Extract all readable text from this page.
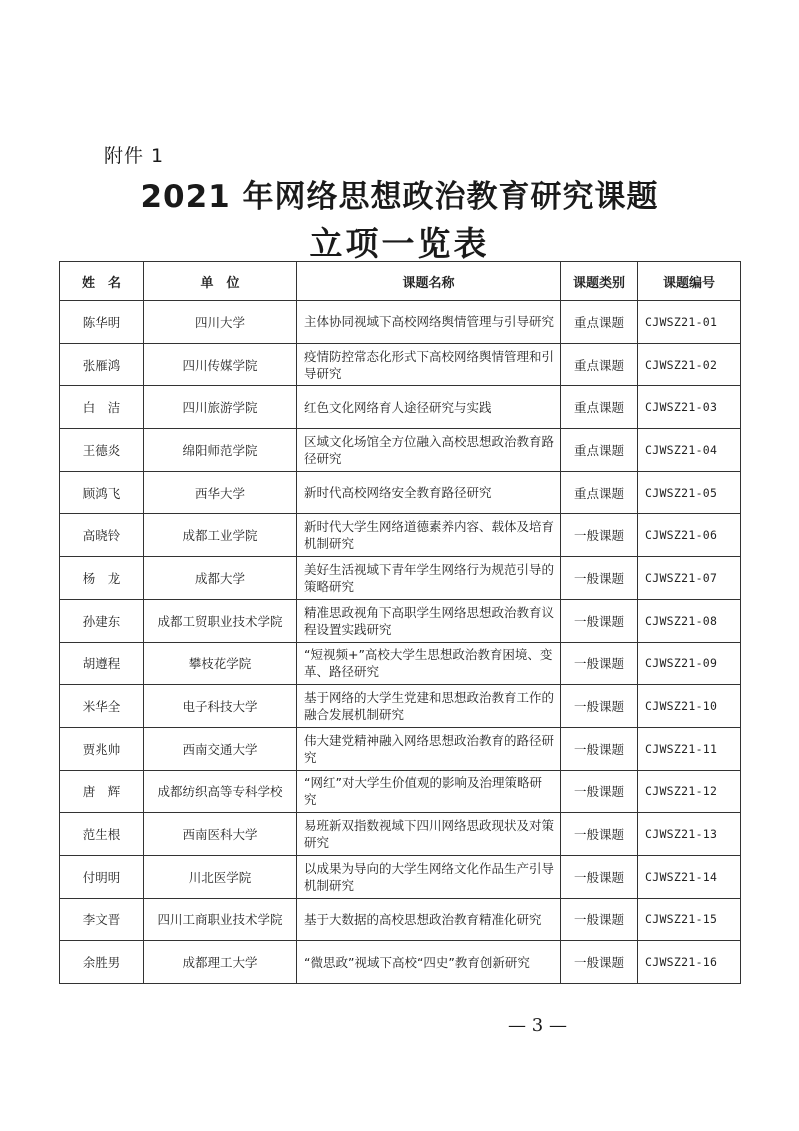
附件 1
2021 年网络思想政治教育研究课题
立项一览表
姓　名	单　位	课题名称	课题类别	课题编号
陈华明	四川大学	主体协同视域下高校网络舆情管理与引导研究	重点课题	CJWSZ21-01
张雁鸿	四川传媒学院	疫情防控常态化形式下高校网络舆情管理和引导研究	重点课题	CJWSZ21-02
白　洁	四川旅游学院	红色文化网络育人途径研究与实践	重点课题	CJWSZ21-03
王德炎	绵阳师范学院	区域文化场馆全方位融入高校思想政治教育路径研究	重点课题	CJWSZ21-04
顾鸿飞	西华大学	新时代高校网络安全教育路径研究	重点课题	CJWSZ21-05
高晓铃	成都工业学院	新时代大学生网络道德素养内容、载体及培育机制研究	一般课题	CJWSZ21-06
杨　龙	成都大学	美好生活视域下青年学生网络行为规范引导的策略研究	一般课题	CJWSZ21-07
孙建东	成都工贸职业技术学院	精准思政视角下高职学生网络思想政治教育议程设置实践研究	一般课题	CJWSZ21-08
胡遵程	攀枝花学院	“短视频+”高校大学生思想政治教育困境、变革、路径研究	一般课题	CJWSZ21-09
米华全	电子科技大学	基于网络的大学生党建和思想政治教育工作的融合发展机制研究	一般课题	CJWSZ21-10
贾兆帅	西南交通大学	伟大建党精神融入网络思想政治教育的路径研究	一般课题	CJWSZ21-11
唐　辉	成都纺织高等专科学校	“网红”对大学生价值观的影响及治理策略研究	一般课题	CJWSZ21-12
范生根	西南医科大学	易班新双指数视域下四川网络思政现状及对策研究	一般课题	CJWSZ21-13
付明明	川北医学院	以成果为导向的大学生网络文化作品生产引导机制研究	一般课题	CJWSZ21-14
李文晋	四川工商职业技术学院	基于大数据的高校思想政治教育精准化研究	一般课题	CJWSZ21-15
余胜男	成都理工大学	“微思政”视域下高校“四史”教育创新研究	一般课题	CJWSZ21-16
— 3 —
